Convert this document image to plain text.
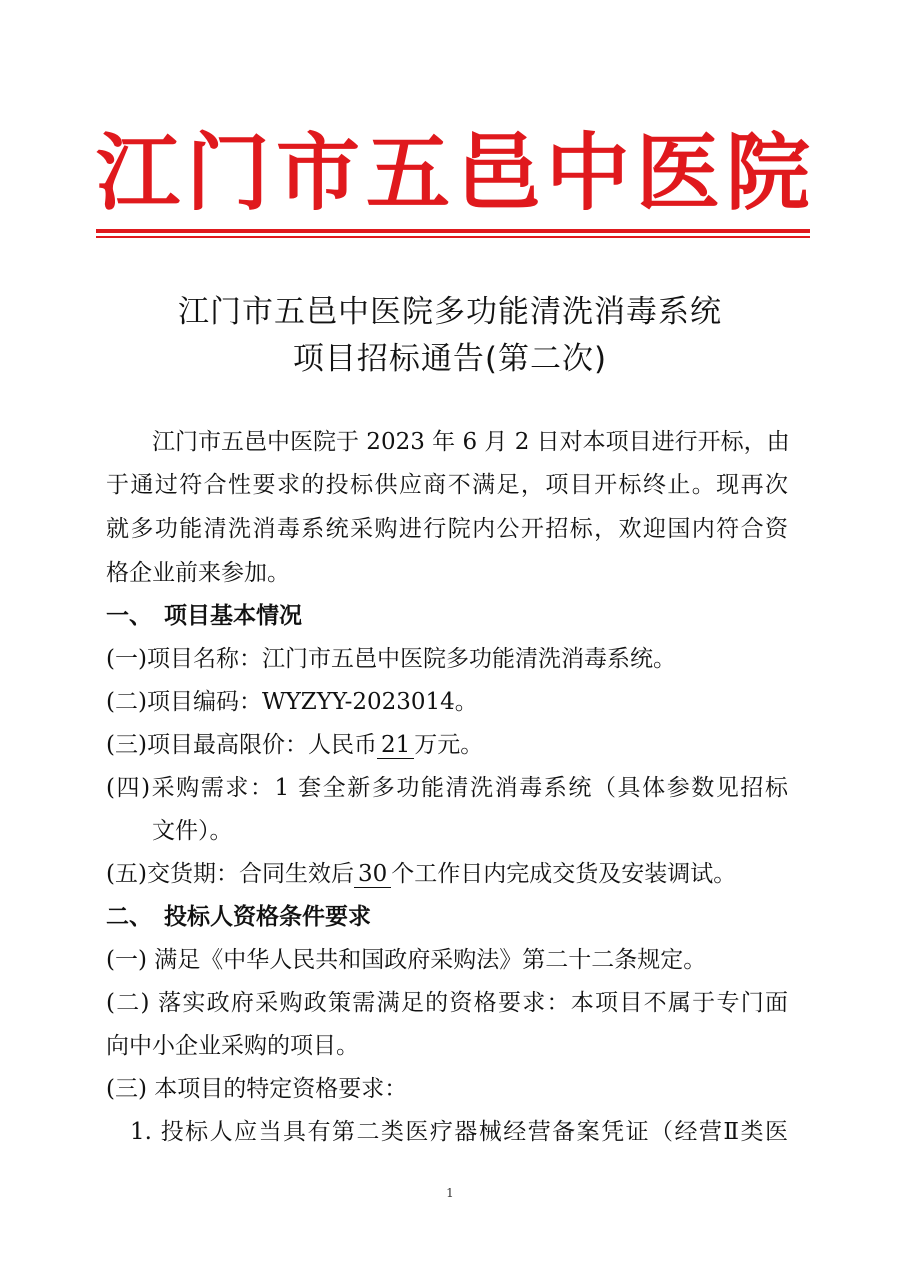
江 门 市 五 邑 中 医 院
江门市五邑中医院多功能清洗消毒系统
项目招标通告(第二次)
江门市五邑中医院于 2023 年 6 月 2 日对本项目进行开标，由
于通过符合性要求的投标供应商不满足，项目开标终止。现再次
就多功能清洗消毒系统采购进行院内公开招标，欢迎国内符合资
格企业前来参加。
一、 项目基本情况
(一)项目名称：江门市五邑中医院多功能清洗消毒系统。
(二)项目编码：WYZYY-2023014。
(三)项目最高限价：人民币 21 万元。
(四)采购需求：1 套全新多功能清洗消毒系统（具体参数见招标
文件）。
(五)交货期：合同生效后 30 个工作日内完成交货及安装调试。
二、 投标人资格条件要求
(一) 满足《中华人民共和国政府采购法》第二十二条规定。
(二) 落实政府采购政策需满足的资格要求：本项目不属于专门面
向中小企业采购的项目。
(三) 本项目的特定资格要求：
1. 投标人应当具有第二类医疗器械经营备案凭证（经营Ⅱ类医
1
